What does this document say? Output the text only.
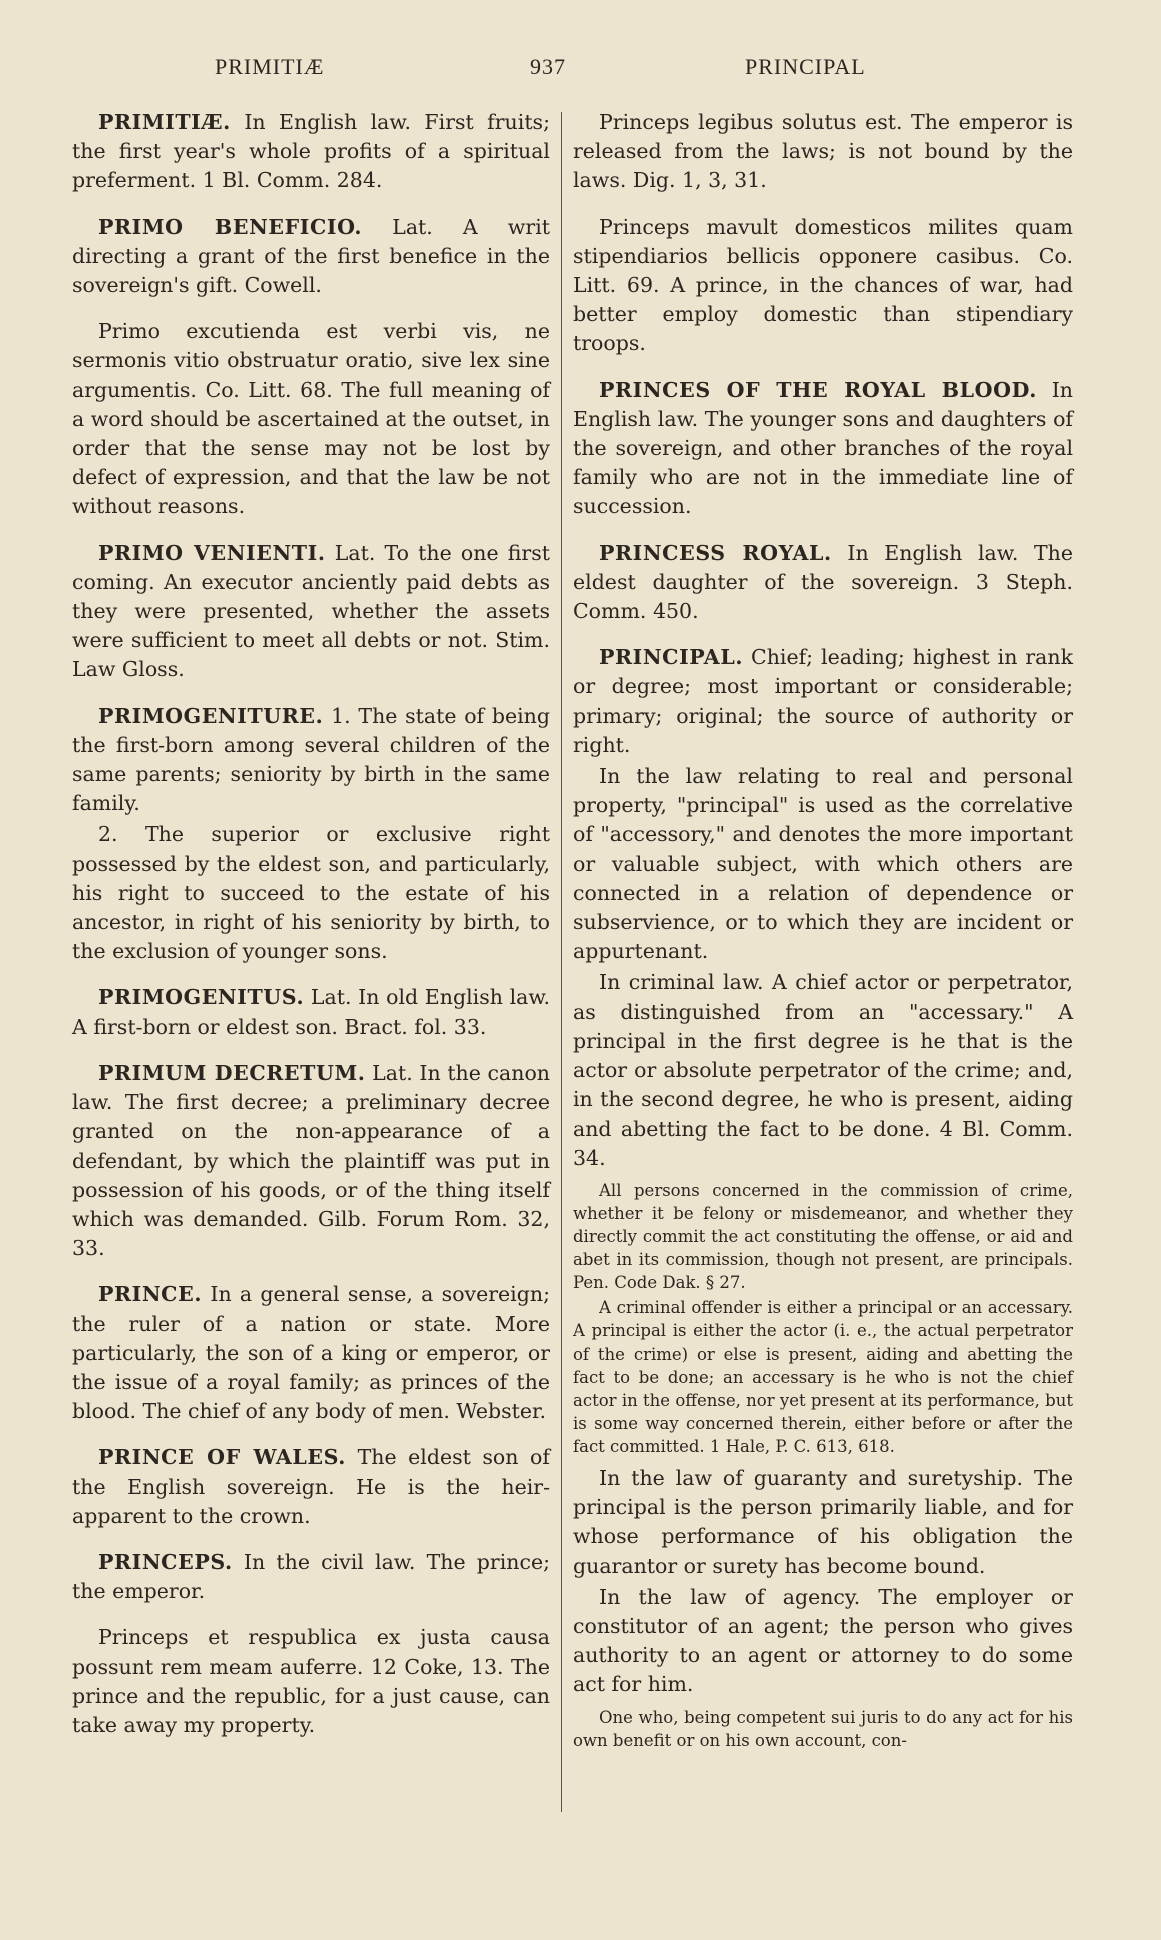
PRIMITIÆ	937	PRINCIPAL

PRIMITIÆ. In English law. First fruits; the first year's whole profits of a spiritual preferment. 1 Bl. Comm. 284.

PRIMO BENEFICIO. Lat. A writ directing a grant of the first benefice in the sovereign's gift. Cowell.

Primo excutienda est verbi vis, ne sermonis vitio obstruatur oratio, sive lex sine argumentis. Co. Litt. 68. The full meaning of a word should be ascertained at the outset, in order that the sense may not be lost by defect of expression, and that the law be not without reasons.

PRIMO VENIENTI. Lat. To the one first coming. An executor anciently paid debts as they were presented, whether the assets were sufficient to meet all debts or not. Stim. Law Gloss.

PRIMOGENITURE. 1. The state of being the first-born among several children of the same parents; seniority by birth in the same family.

2. The superior or exclusive right possessed by the eldest son, and particularly, his right to succeed to the estate of his ancestor, in right of his seniority by birth, to the exclusion of younger sons.

PRIMOGENITUS. Lat. In old English law. A first-born or eldest son. Bract. fol. 33.

PRIMUM DECRETUM. Lat. In the canon law. The first decree; a preliminary decree granted on the non-appearance of a defendant, by which the plaintiff was put in possession of his goods, or of the thing itself which was demanded. Gilb. Forum Rom. 32, 33.

PRINCE. In a general sense, a sovereign; the ruler of a nation or state. More particularly, the son of a king or emperor, or the issue of a royal family; as princes of the blood. The chief of any body of men. Webster.

PRINCE OF WALES. The eldest son of the English sovereign. He is the heir-apparent to the crown.

PRINCEPS. In the civil law. The prince; the emperor.

Princeps et respublica ex justa causa possunt rem meam auferre. 12 Coke, 13. The prince and the republic, for a just cause, can take away my property.

Princeps legibus solutus est. The emperor is released from the laws; is not bound by the laws. Dig. 1, 3, 31.

Princeps mavult domesticos milites quam stipendiarios bellicis opponere casibus. Co. Litt. 69. A prince, in the chances of war, had better employ domestic than stipendiary troops.

PRINCES OF THE ROYAL BLOOD. In English law. The younger sons and daughters of the sovereign, and other branches of the royal family who are not in the immediate line of succession.

PRINCESS ROYAL. In English law. The eldest daughter of the sovereign. 3 Steph. Comm. 450.

PRINCIPAL. Chief; leading; highest in rank or degree; most important or considerable; primary; original; the source of authority or right.

In the law relating to real and personal property, "principal" is used as the correlative of "accessory," and denotes the more important or valuable subject, with which others are connected in a relation of dependence or subservience, or to which they are incident or appurtenant.

In criminal law. A chief actor or perpetrator, as distinguished from an "accessary." A principal in the first degree is he that is the actor or absolute perpetrator of the crime; and, in the second degree, he who is present, aiding and abetting the fact to be done. 4 Bl. Comm. 34.

All persons concerned in the commission of crime, whether it be felony or misdemeanor, and whether they directly commit the act constituting the offense, or aid and abet in its commission, though not present, are principals. Pen. Code Dak. § 27.

A criminal offender is either a principal or an accessary. A principal is either the actor (i. e., the actual perpetrator of the crime) or else is present, aiding and abetting the fact to be done; an accessary is he who is not the chief actor in the offense, nor yet present at its performance, but is some way concerned therein, either before or after the fact committed. 1 Hale, P. C. 613, 618.

In the law of guaranty and suretyship. The principal is the person primarily liable, and for whose performance of his obligation the guarantor or surety has become bound.

In the law of agency. The employer or constitutor of an agent; the person who gives authority to an agent or attorney to do some act for him.

One who, being competent sui juris to do any act for his own benefit or on his own account, con-
